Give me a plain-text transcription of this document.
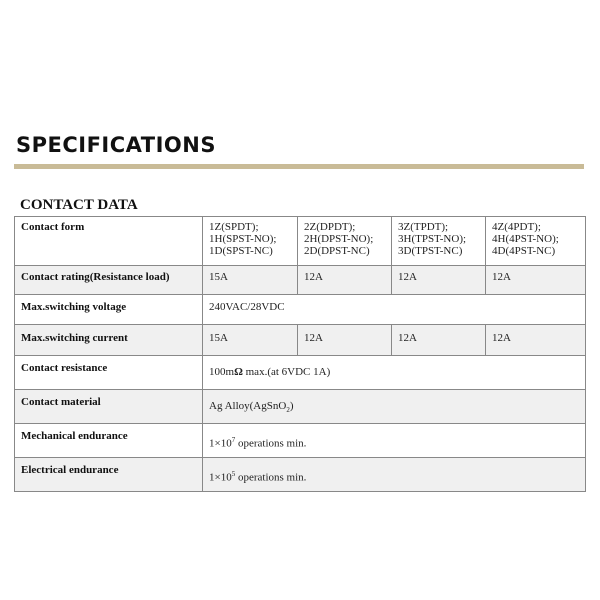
SPECIFICATIONS
CONTACT DATA
Contact form	1Z(SPDT);
1H(SPST-NO);
1D(SPST-NC)	2Z(DPDT);
2H(DPST-NO);
2D(DPST-NC)	3Z(TPDT);
3H(TPST-NO);
3D(TPST-NC)	4Z(4PDT);
4H(4PST-NO);
4D(4PST-NC)

Contact rating(Resistance load)	15A	12A	12A	12A
Max.switching voltage	240VAC/28VDC			
Max.switching current	15A	12A	12A	12A
Contact resistance	100mΩ max.(at 6VDC 1A)			
Contact material	Ag Alloy(AgSnO$_2$)			
Mechanical endurance	$1\times 10^7$ operations min.			
Electrical endurance	$1\times 10^5$ operations min.			
